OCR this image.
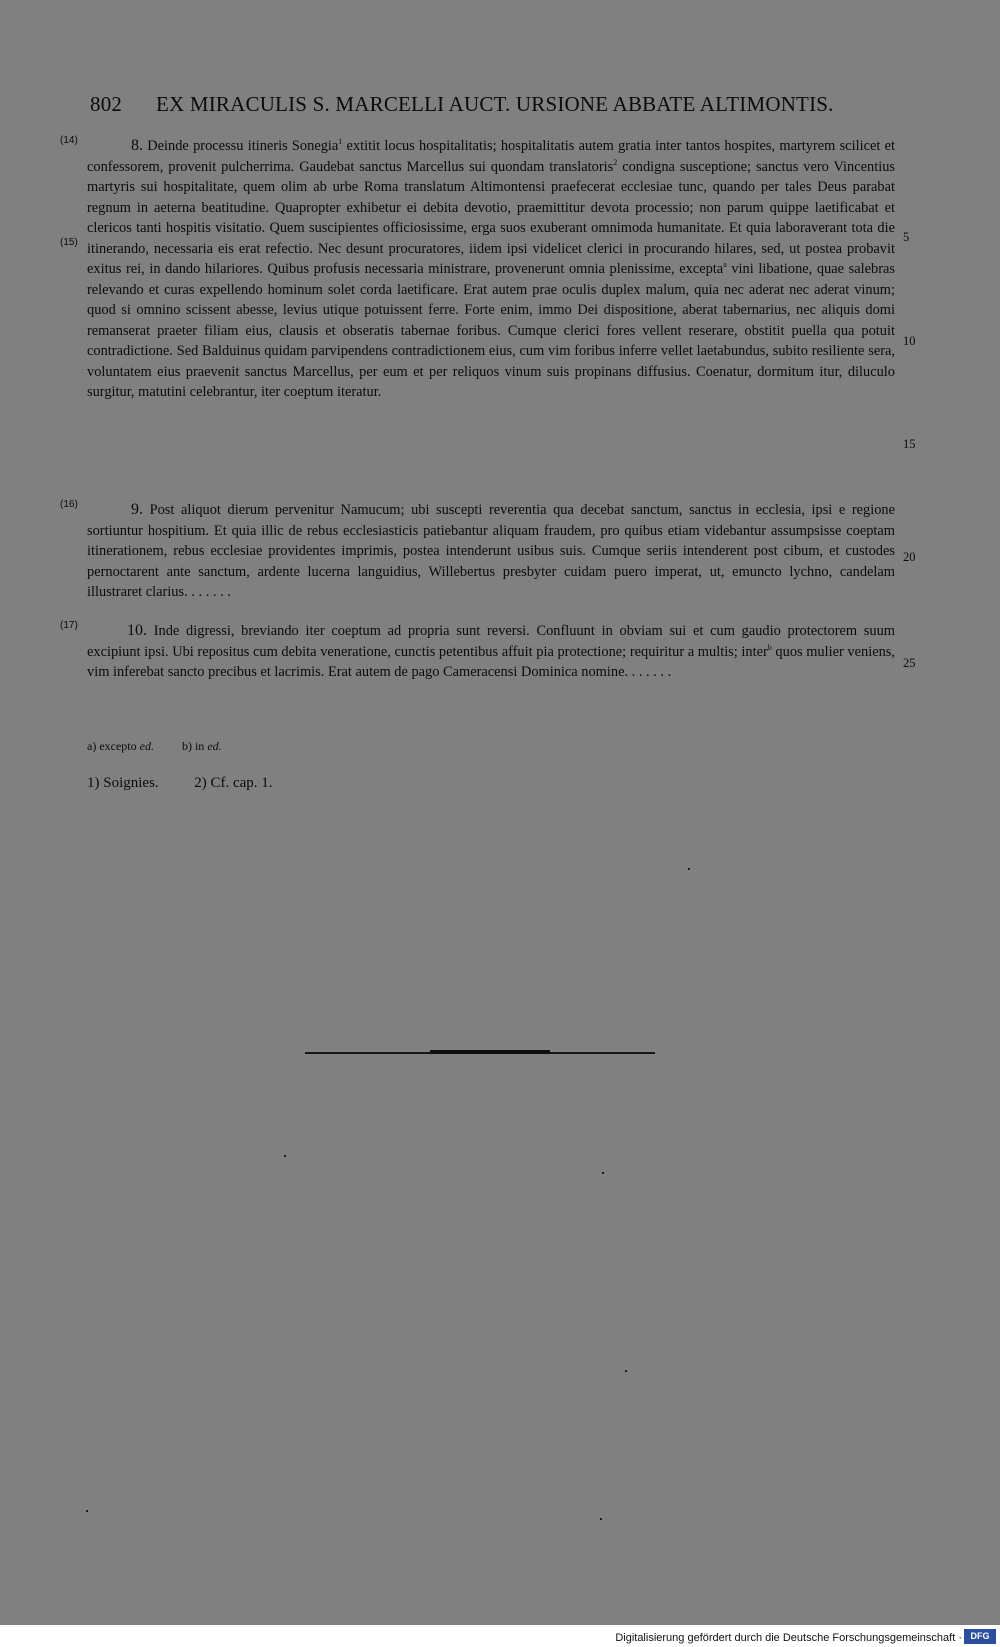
802 EX MIRACULIS S. MARCELLI AUCT. URSIONE ABBATE ALTIMONTIS.
(14)
(15)
(16)
(17)
5
10
15
20
25

8. Deinde processu itineris Sonegia$^1$ extitit locus hospitalitatis; hospitalitatis autem gratia inter tantos hospites, martyrem scilicet et confessorem, provenit pulcherrima. Gaudebat sanctus Marcellus sui quondam translatoris$^2$ condigna susceptione; sanctus vero Vincentius martyris sui hospitalitate, quem olim ab urbe Roma translatum Altimontensi praefecerat ecclesiae tunc, quando per tales Deus parabat regnum in aeterna beatitudine. Quapropter exhibetur ei debita devotio, praemittitur devota processio; non parum quippe laetificabat et clericos tanti hospitis visitatio. Quem suscipientes officiosissime, erga suos exuberant omnimoda humanitate. Et quia laboraverant tota die itinerando, necessaria eis erat refectio. Nec desunt procuratores, iidem ipsi videlicet clerici in procurando hilares, sed, ut postea probavit exitus rei, in dando hilariores. Quibus profusis necessaria ministrare, provenerunt omnia plenissime, excepta$^a$ vini libatione, quae salebras relevando et curas expellendo hominum solet corda laetificare. Erat autem prae oculis duplex malum, quia nec aderat nec aderat vinum; quod si omnino scissent abesse, levius utique potuissent ferre. Forte enim, immo Dei dispositione, aberat tabernarius, nec aliquis domi remanserat praeter filiam eius, clausis et obseratis tabernae foribus. Cumque clerici fores vellent reserare, obstitit puella qua potuit contradictione. Sed Balduinus quidam parvipendens contradictionem eius, cum vim foribus inferre vellet laetabundus, subito resiliente sera, voluntatem eius praevenit sanctus Marcellus, per eum et per reliquos vinum suis propinans diffusius. Coenatur, dormitum itur, diluculo surgitur, matutini celebrantur, iter coeptum iteratur.

9. Post aliquot dierum pervenitur Namucum; ubi suscepti reverentia qua decebat sanctum, sanctus in ecclesia, ipsi e regione sortiuntur hospitium. Et quia illic de rebus ecclesiasticis patiebantur aliquam fraudem, pro quibus etiam videbantur assumpsisse coeptam itinerationem, rebus ecclesiae providentes imprimis, postea intenderunt usibus suis. Cumque seriis intenderent post cibum, et custodes pernoctarent ante sanctum, ardente lucerna languidius, Willebertus presbyter cuidam puero imperat, ut, emuncto lychno, candelam illustraret clarius. . . . . . .

10. Inde digressi, breviando iter coeptum ad propria sunt reversi. Confluunt in obviam sui et cum gaudio protectorem suum excipiunt ipsi. Ubi repositus cum debita veneratione, cunctis petentibus affuit pia protectione; requiritur a multis; inter$^b$ quos mulier veniens, vim inferebat sancto precibus et lacrimis. Erat autem de pago Cameracensi Dominica nomine. . . . . . .

a) excepto ed. b) in ed.
1) Soignies. 2) Cf. cap. 1.
Digitalisierung gefördert durch die Deutsche Forschungsgemeinschaft · DFG
